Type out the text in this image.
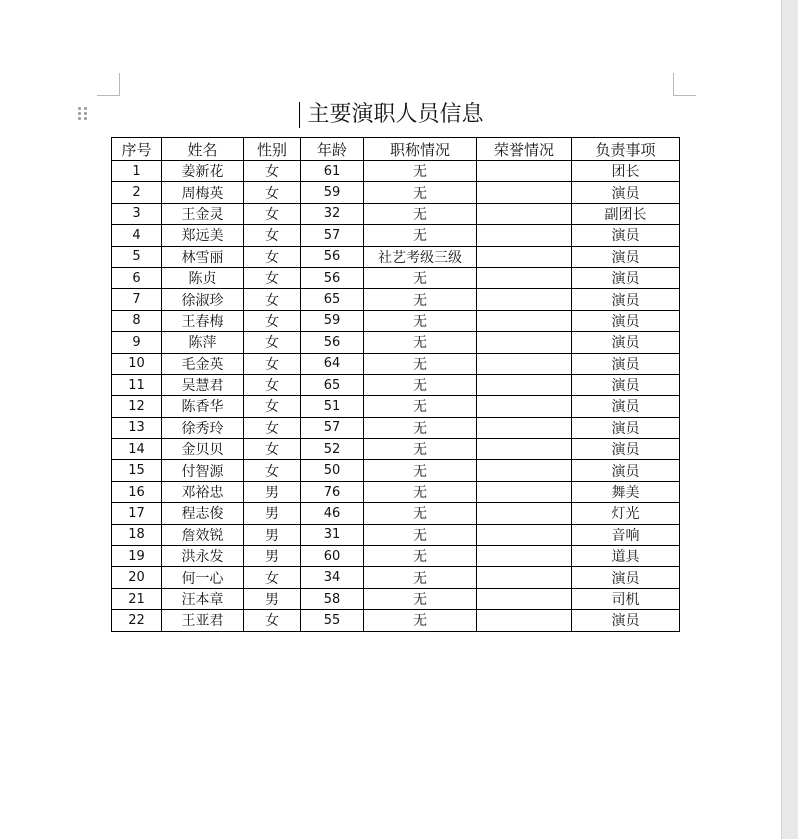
主要演职人员信息
序号	姓名	性别	年龄	职称情况	荣誉情况	负责事项
1	姜新花	女	61	无		团长
2	周梅英	女	59	无		演员
3	王金灵	女	32	无		副团长
4	郑远美	女	57	无		演员
5	林雪丽	女	56	社艺考级三级		演员
6	陈贞	女	56	无		演员
7	徐淑珍	女	65	无		演员
8	王春梅	女	59	无		演员
9	陈萍	女	56	无		演员
10	毛金英	女	64	无		演员
11	吴慧君	女	65	无		演员
12	陈香华	女	51	无		演员
13	徐秀玲	女	57	无		演员
14	金贝贝	女	52	无		演员
15	付智源	女	50	无		演员
16	邓裕忠	男	76	无		舞美
17	程志俊	男	46	无		灯光
18	詹效锐	男	31	无		音响
19	洪永发	男	60	无		道具
20	何一心	女	34	无		演员
21	汪本章	男	58	无		司机
22	王亚君	女	55	无		演员
